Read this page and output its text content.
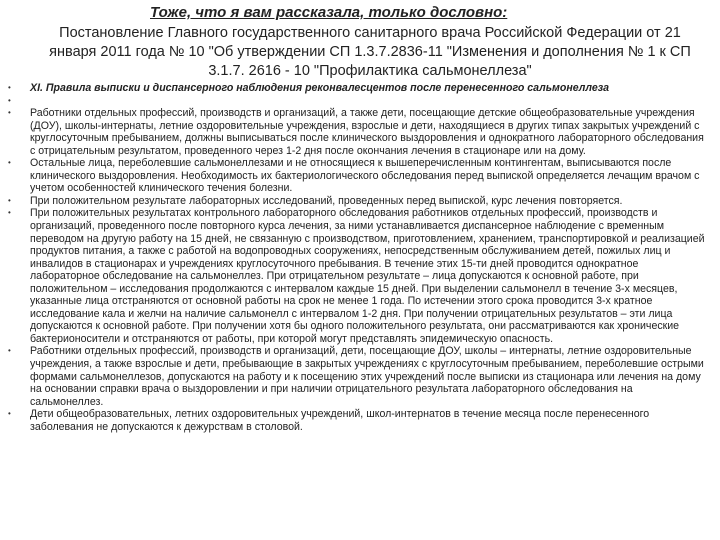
Тоже, что я вам рассказала, только дословно:
Постановление Главного государственного санитарного врача Российской Федерации от 21 января 2011 года № 10 "Об утверждении СП 1.3.7.2836-11 "Изменения и дополнения № 1 к СП 3.1.7. 2616 - 10 "Профилактика сальмонеллеза"
•	XI. Правила выписки и диспансерного наблюдения реконвалесцентов после перенесенного сальмонеллеза
•

•	Работники отдельных профессий, производств и организаций, а также дети, посещающие детские общеобразовательные учреждения (ДОУ), школы-интернаты, летние оздоровительные учреждения, взрослые и дети, находящиеся в других типах закрытых учреждений с круглосуточным пребыванием, должны выписываться после клинического выздоровления и однократного лабораторного обследования с отрицательным результатом, проведенного через 1-2 дня после окончания лечения в стационаре или на дому.
•	Остальные лица, переболевшие сальмонеллезами и не относящиеся к вышеперечисленным контингентам, выписываются после клинического выздоровления. Необходимость их бактериологического обследования перед выпиской определяется лечащим врачом с учетом особенностей клинического течения болезни.
•	При положительном результате лабораторных исследований, проведенных перед выпиской, курс лечения повторяется.
•	При положительных результатах контрольного лабораторного обследования работников отдельных профессий, производств и организаций, проведенного после повторного курса лечения, за ними устанавливается диспансерное наблюдение с временным переводом на другую работу на 15 дней, не связанную с производством, приготовлением, хранением, транспортировкой и реализацией продуктов питания, а также с работой на водопроводных сооружениях, непосредственным обслуживанием детей, пожилых лиц и инвалидов в стационарах и учреждениях круглосуточного пребывания. В течение этих 15-ти дней проводится однократное лабораторное обследование на сальмонеллез. При отрицательном результате – лица допускаются к основной работе, при положительном – исследования продолжаются с интервалом каждые 15 дней. При выделении сальмонелл в течение 3-х месяцев, указанные лица отстраняются от основной работы на срок не менее 1 года. По истечении этого срока проводится 3-х кратное исследование кала и желчи на наличие сальмонелл с интервалом 1-2 дня. При получении отрицательных результатов – эти лица допускаются к основной работе. При получении хотя бы одного положительного результата, они рассматриваются как хронические бактерионосители и отстраняются от работы, при которой могут представлять эпидемическую опасность.
•	Работники отдельных профессий, производств и организаций, дети, посещающие ДОУ, школы – интернаты, летние оздоровительные учреждения, а также взрослые и дети, пребывающие в закрытых учреждениях с круглосуточным пребыванием, переболевшие острыми формами сальмонеллезов, допускаются на работу и к посещению этих учреждений после выписки из стационара или лечения на дому на основании справки врача о выздоровлении и при наличии отрицательного результата лабораторного обследования на сальмонеллез.
•	Дети общеобразовательных, летних оздоровительных учреждений, школ-интернатов в течение месяца после перенесенного заболевания не допускаются к дежурствам в столовой.
